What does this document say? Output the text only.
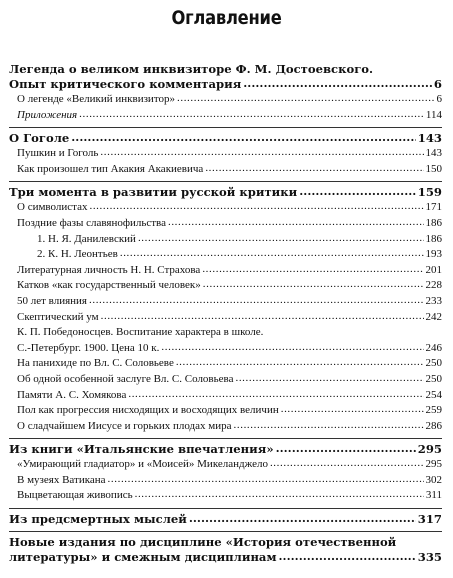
Оглавление
Легенда о великом инквизиторе Ф. М. Достоевского.
Опыт критического комментария .....	6
О легенде «Великий инквизитор» .....	6
Приложения .....	114
О Гоголе .....	143
Пушкин и Гоголь .....	143
Как произошел тип Акакия Акакиевича .....	150
Три момента в развитии русской критики .....	159
О символистах .....	171
Поздние фазы славянофильства .....	186
1. Н. Я. Данилевский .....	186
2. К. Н. Леонтьев .....	193
Литературная личность Н. Н. Страхова .....	201
Катков «как государственный человек» .....	228
50 лет влияния .....	233
Скептический ум .....	242
К. П. Победоносцев. Воспитание характера в школе.
С.-Петербург. 1900. Цена 10 к. .....	246
На панихиде по Вл. С. Соловьеве .....	250
Об одной особенной заслуге Вл. С. Соловьева .....	250
Памяти А. С. Хомякова .....	254
Пол как прогрессия нисходящих и восходящих величин .....	259
О сладчайшем Иисусе и горьких плодах мира .....	286
Из книги «Итальянские впечатления» .....	295
«Умирающий гладиатор» и «Моисей» Микеланджело .....	295
В музеях Ватикана .....	302
Выцветающая живопись .....	311
Из предсмертных мыслей .....	317
Новые издания по дисциплине «История отечественной
литературы» и смежным дисциплинам .....	335
